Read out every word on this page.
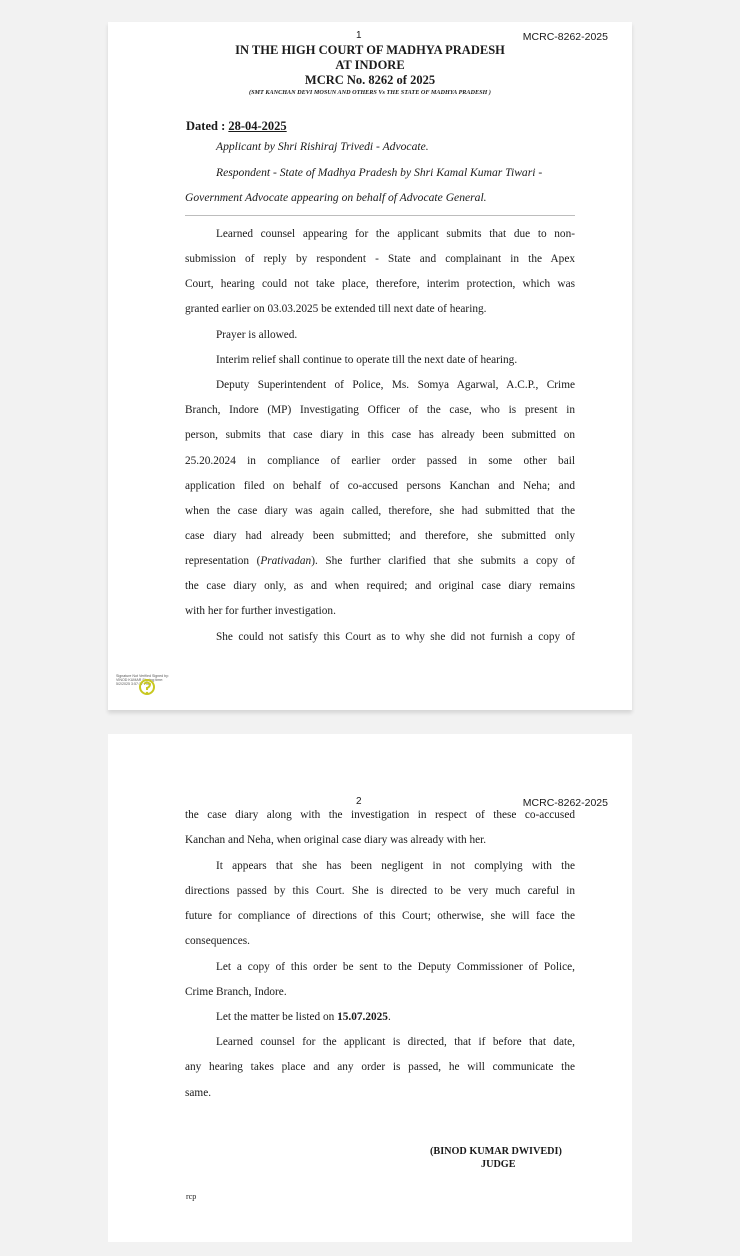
1	MCRC-8262-2025
IN THE HIGH COURT OF MADHYA PRADESH
AT INDORE
MCRC No. 8262 of 2025
(SMT KANCHAN DEVI MOSUN AND OTHERS Vs THE STATE OF MADHYA PRADESH )
Dated : 28-04-2025
Applicant by Shri Rishiraj Trivedi - Advocate.
Respondent - State of Madhya Pradesh by Shri Kamal Kumar Tiwari -
Government Advocate appearing on behalf of Advocate General.
Learned counsel appearing for the applicant submits that due to non-
submission of reply by respondent - State and complainant in the Apex
Court, hearing could not take place, therefore, interim protection, which was
granted earlier on 03.03.2025 be extended till next date of hearing.
Prayer is allowed.
Interim relief shall continue to operate till the next date of hearing.
Deputy Superintendent of Police, Ms. Somya Agarwal, A.C.P., Crime
Branch, Indore (MP) Investigating Officer of the case, who is present in
person, submits that case diary in this case has already been submitted on
25.20.2024 in compliance of earlier order passed in some other bail
application filed on behalf of co-accused persons Kanchan and Neha; and
when the case diary was again called, therefore, she had submitted that the
case diary had already been submitted; and therefore, she submitted only
representation (Prativadan). She further clarified that she submits a copy of
the case diary only, as and when required; and original case diary remains
with her for further investigation.
She could not satisfy this Court as to why she did not furnish a copy of
Signature Not Verified Signed by: VINOD KUMAR Signing time: 5/2/2025 3:57:17 PM
2	MCRC-8262-2025
the case diary along with the investigation in respect of these co-accused
Kanchan and Neha, when original case diary was already with her.
It appears that she has been negligent in not complying with the
directions passed by this Court. She is directed to be very much careful in
future for compliance of directions of this Court; otherwise, she will face the
consequences.
Let a copy of this order be sent to the Deputy Commissioner of Police,
Crime Branch, Indore.
Let the matter be listed on 15.07.2025.
Learned counsel for the applicant is directed, that if before that date,
any hearing takes place and any order is passed, he will communicate the
same.
(BINOD KUMAR DWIVEDI)
JUDGE
rcp
